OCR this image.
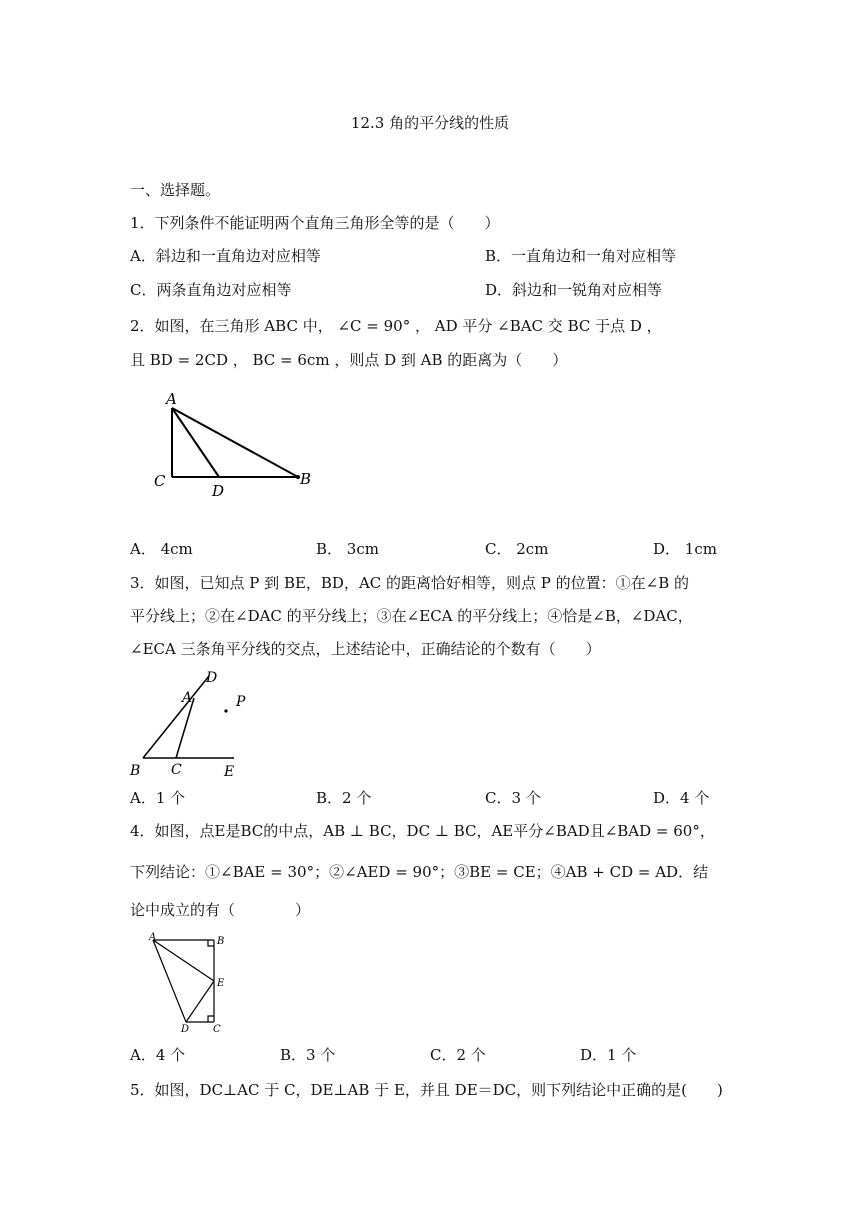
12.3 角的平分线的性质
一、选择题。
1．下列条件不能证明两个直角三角形全等的是（　　）
A．斜边和一直角边对应相等	B．一直角边和一角对应相等
C．两条直角边对应相等	D．斜边和一锐角对应相等
2．如图，在三角形 ABC 中， ∠C = 90° ， AD 平分 ∠BAC 交 BC 于点 D ，
且 BD = 2CD ， BC = 6cm ，则点 D 到 AB 的距离为（　　）
A
C
D
B
A． 4cm	B． 3cm	C． 2cm	D． 1cm
3．如图，已知点 P 到 BE，BD，AC 的距离恰好相等，则点 P 的位置：①在∠B 的
平分线上；②在∠DAC 的平分线上；③在∠ECA 的平分线上；④恰是∠B，∠DAC，
∠ECA 三条角平分线的交点，上述结论中，正确结论的个数有（　　）
D
A	P
B C	E
A．1 个	B．2 个	C．3 个	D．4 个
4．如图，点E是BC的中点，AB ⊥ BC，DC ⊥ BC，AE平分∠BAD且∠BAD = 60°，
下列结论：①∠BAE = 30°；②∠AED = 90°；③BE = CE；④AB + CD = AD．结
论中成立的有（　　　　）
A	B
E
D C
A．4 个	B．3 个	C．2 个	D．1 个
5．如图，DC⊥AC 于 C，DE⊥AB 于 E，并且 DE＝DC，则下列结论中正确的是(　　)
